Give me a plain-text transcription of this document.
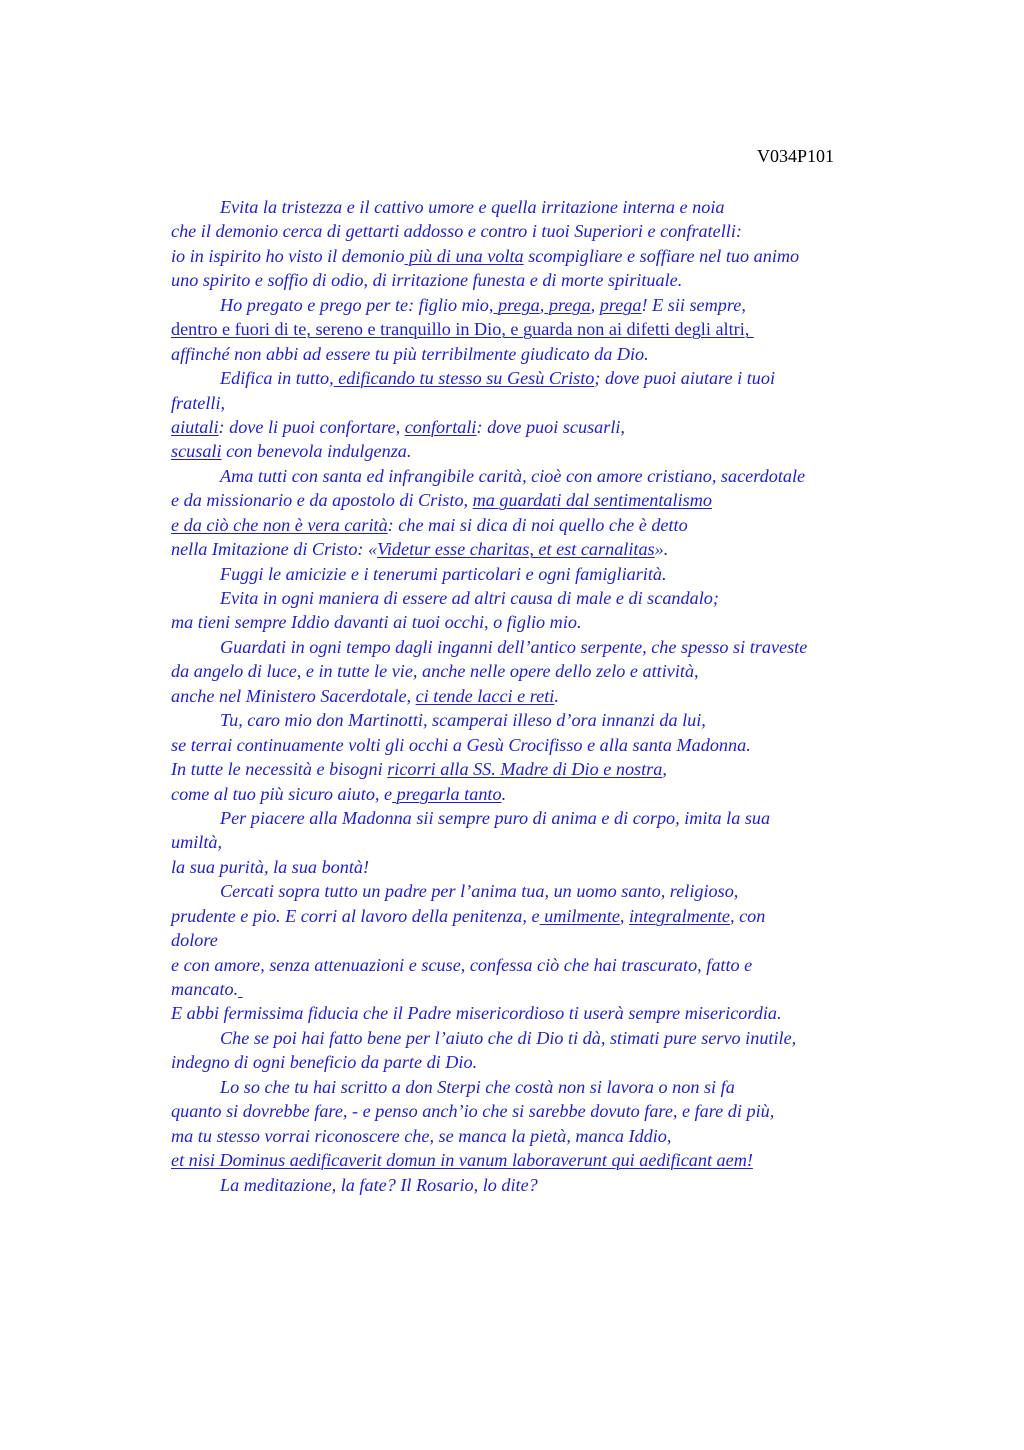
V034P101
Evita la tristezza e il cattivo umore e quella irritazione interna e noia
che il demonio cerca di gettarti addosso e contro i tuoi Superiori e confratelli:
io in ispirito ho visto il demonio più di una volta scompigliare e soffiare nel tuo animo
uno spirito e soffio di odio, di irritazione funesta e di morte spirituale.
Ho pregato e prego per te: figlio mio, prega, prega, prega! E sii sempre,
dentro e fuori di te, sereno e tranquillo in Dio, e guarda non ai difetti degli altri,
affinché non abbi ad essere tu più terribilmente giudicato da Dio.
Edifica in tutto, edificando tu stesso su Gesù Cristo; dove puoi aiutare i tuoi
fratelli,
aiutali: dove li puoi confortare, confortali: dove puoi scusarli,
scusali con benevola indulgenza.
Ama tutti con santa ed infrangibile carità, cioè con amore cristiano, sacerdotale
e da missionario e da apostolo di Cristo, ma guardati dal sentimentalismo
e da ciò che non è vera carità: che mai si dica di noi quello che è detto
nella Imitazione di Cristo: «Videtur esse charitas, et est carnalitas».
Fuggi le amicizie e i tenerumi particolari e ogni famigliarità.
Evita in ogni maniera di essere ad altri causa di male e di scandalo;
ma tieni sempre Iddio davanti ai tuoi occhi, o figlio mio.
Guardati in ogni tempo dagli inganni dell’antico serpente, che spesso si traveste
da angelo di luce, e in tutte le vie, anche nelle opere dello zelo e attività,
anche nel Ministero Sacerdotale, ci tende lacci e reti.
Tu, caro mio don Martinotti, scamperai illeso d’ora innanzi da lui,
se terrai continuamente volti gli occhi a Gesù Crocifisso e alla santa Madonna.
In tutte le necessità e bisogni ricorri alla SS. Madre di Dio e nostra,
come al tuo più sicuro aiuto, e pregarla tanto.
Per piacere alla Madonna sii sempre puro di anima e di corpo, imita la sua
umiltà,
la sua purità, la sua bontà!
Cercati sopra tutto un padre per l’anima tua, un uomo santo, religioso,
prudente e pio. E corri al lavoro della penitenza, e umilmente, integralmente, con
dolore
e con amore, senza attenuazioni e scuse, confessa ciò che hai trascurato, fatto e
mancato.
E abbi fermissima fiducia che il Padre misericordioso ti userà sempre misericordia.
Che se poi hai fatto bene per l’aiuto che di Dio ti dà, stimati pure servo inutile,
indegno di ogni beneficio da parte di Dio.
Lo so che tu hai scritto a don Sterpi che costà non si lavora o non si fa
quanto si dovrebbe fare, - e penso anch’io che si sarebbe dovuto fare, e fare di più,
ma tu stesso vorrai riconoscere che, se manca la pietà, manca Iddio,
et nisi Dominus aedificaverit domun in vanum laboraverunt qui aedificant aem!
La meditazione, la fate? Il Rosario, lo dite?
